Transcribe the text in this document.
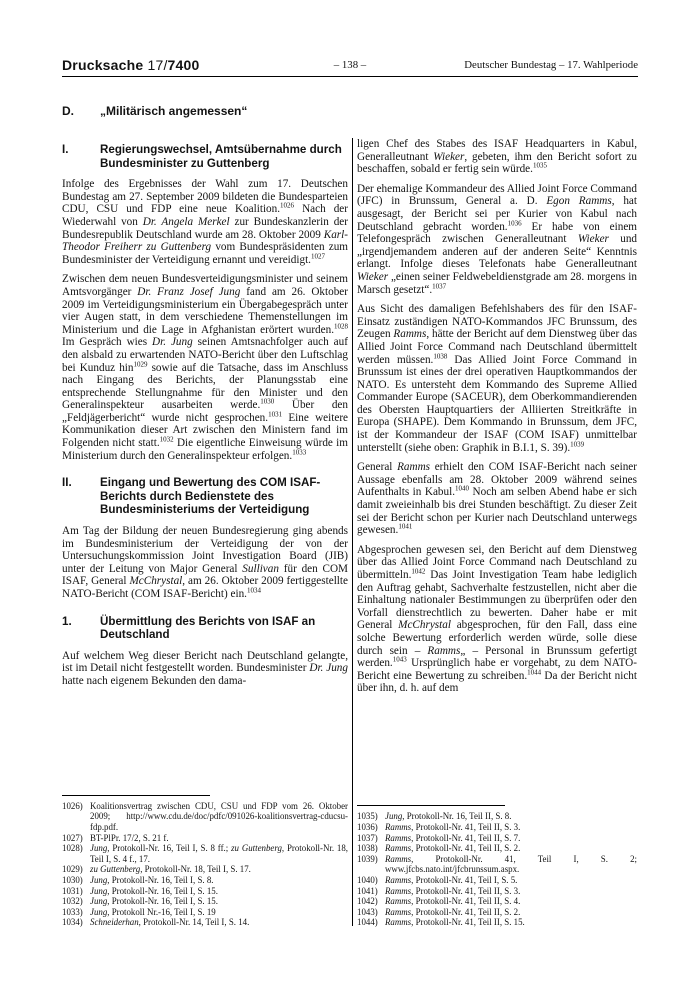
Drucksache 17/7400	– 138 –	Deutscher Bundestag – 17. Wahlperiode
D.	„Militärisch angemessen“
I.	Regierungswechsel, Amtsübernahme durch Bundesminister zu Guttenberg
Infolge des Ergebnisses der Wahl zum 17. Deutschen Bundestag am 27. September 2009 bildeten die Bundesparteien CDU, CSU und FDP eine neue Koalition.$^{1026}$ Nach der Wiederwahl von Dr. Angela Merkel zur Bundeskanzlerin der Bundesrepublik Deutschland wurde am 28. Oktober 2009 Karl-Theodor Freiherr zu Guttenberg vom Bundespräsidenten zum Bundesminister der Verteidigung ernannt und vereidigt.$^{1027}$
Zwischen dem neuen Bundesverteidigungsminister und seinem Amtsvorgänger Dr. Franz Josef Jung fand am 26. Oktober 2009 im Verteidigungsministerium ein Übergabegespräch unter vier Augen statt, in dem verschiedene Themenstellungen im Ministerium und die Lage in Afghanistan erörtert wurden.$^{1028}$ Im Gespräch wies Dr. Jung seinen Amtsnachfolger auch auf den alsbald zu erwartenden NATO-Bericht über den Luftschlag bei Kunduz hin$^{1029}$ sowie auf die Tatsache, dass im Anschluss nach Eingang des Berichts, der Planungsstab eine entsprechende Stellungnahme für den Minister und den Generalinspekteur ausarbeiten werde.$^{1030}$ Über den „Feldjägerbericht“ wurde nicht gesprochen.$^{1031}$ Eine weitere Kommunikation dieser Art zwischen den Ministern fand im Folgenden nicht statt.$^{1032}$ Die eigentliche Einweisung würde im Ministerium durch den Generalinspekteur erfolgen.$^{1033}$
II.	Eingang und Bewertung des COM ISAF-Berichts durch Bedienstete des Bundesministeriums der Verteidigung
Am Tag der Bildung der neuen Bundesregierung ging abends im Bundesministerium der Verteidigung der von der Untersuchungskommission Joint Investigation Board (JIB) unter der Leitung von Major General Sullivan für den COM ISAF, General McChrystal, am 26. Oktober 2009 fertiggestellte NATO-Bericht (COM ISAF-Bericht) ein.$^{1034}$
1.	Übermittlung des Berichts von ISAF an Deutschland
Auf welchem Weg dieser Bericht nach Deutschland gelangte, ist im Detail nicht festgestellt worden. Bundesminister Dr. Jung hatte nach eigenem Bekunden den dama-
1026) Koalitionsvertrag zwischen CDU, CSU und FDP vom 26. Oktober 2009; http://www.cdu.de/doc/pdfc/091026-koalitionsvertrag-cducsu-fdp.pdf.
1027) BT-PlPr. 17/2, S. 21 f.
1028) Jung, Protokoll-Nr. 16, Teil I, S. 8 ff.; zu Guttenberg, Protokoll-Nr. 18, Teil I, S. 4 f., 17.
1029) zu Guttenberg, Protokoll-Nr. 18, Teil I, S. 17.
1030) Jung, Protokoll-Nr. 16, Teil I, S. 8.
1031) Jung, Protokoll-Nr. 16, Teil I, S. 15.
1032) Jung, Protokoll-Nr. 16, Teil I, S. 15.
1033) Jung, Protokoll Nr.-16, Teil I, S. 19
1034) Schneiderhan, Protokoll-Nr. 14, Teil I, S. 14.
ligen Chef des Stabes des ISAF Headquarters in Kabul, Generalleutnant Wieker, gebeten, ihm den Bericht sofort zu beschaffen, sobald er fertig sein würde.$^{1035}$
Der ehemalige Kommandeur des Allied Joint Force Command (JFC) in Brunssum, General a. D. Egon Ramms, hat ausgesagt, der Bericht sei per Kurier von Kabul nach Deutschland gebracht worden.$^{1036}$ Er habe von einem Telefongespräch zwischen Generalleutnant Wieker und „irgendjemandem anderen auf der anderen Seite“ Kenntnis erlangt. Infolge dieses Telefonats habe Generalleutnant Wieker „einen seiner Feldwebeldienstgrade am 28. morgens in Marsch gesetzt“.$^{1037}$
Aus Sicht des damaligen Befehlshabers des für den ISAF-Einsatz zuständigen NATO-Kommandos JFC Brunssum, des Zeugen Ramms, hätte der Bericht auf dem Dienstweg über das Allied Joint Force Command nach Deutschland übermittelt werden müssen.$^{1038}$ Das Allied Joint Force Command in Brunssum ist eines der drei operativen Hauptkommandos der NATO. Es untersteht dem Kommando des Supreme Allied Commander Europe (SACEUR), dem Oberkommandierenden des Obersten Hauptquartiers der Alliierten Streitkräfte in Europa (SHAPE). Dem Kommando in Brunssum, dem JFC, ist der Kommandeur der ISAF (COM ISAF) unmittelbar unterstellt (siehe oben: Graphik in B.I.1, S. 39).$^{1039}$
General Ramms erhielt den COM ISAF-Bericht nach seiner Aussage ebenfalls am 28. Oktober 2009 während seines Aufenthalts in Kabul.$^{1040}$ Noch am selben Abend habe er sich damit zweieinhalb bis drei Stunden beschäftigt. Zu dieser Zeit sei der Bericht schon per Kurier nach Deutschland unterwegs gewesen.$^{1041}$
Abgesprochen gewesen sei, den Bericht auf dem Dienstweg über das Allied Joint Force Command nach Deutschland zu übermitteln.$^{1042}$ Das Joint Investigation Team habe lediglich den Auftrag gehabt, Sachverhalte festzustellen, nicht aber die Einhaltung nationaler Bestimmungen zu überprüfen oder den Vorfall dienstrechtlich zu bewerten. Daher habe er mit General McChrystal abgesprochen, für den Fall, dass eine solche Bewertung erforderlich werden würde, solle diese durch sein – Ramms„ – Personal in Brunssum gefertigt werden.$^{1043}$ Ursprünglich habe er vorgehabt, zu dem NATO-Bericht eine Bewertung zu schreiben.$^{1044}$ Da der Bericht nicht über ihn, d. h. auf dem
1035) Jung, Protokoll-Nr. 16, Teil II, S. 8.
1036) Ramms, Protokoll-Nr. 41, Teil II, S. 3.
1037) Ramms, Protokoll-Nr. 41, Teil II, S. 7.
1038) Ramms, Protokoll-Nr. 41, Teil II, S. 2.
1039) Ramms, Protokoll-Nr. 41, Teil I, S. 2; www.jfcbs.nato.int/jfcbrunssum.aspx.
1040) Ramms, Protokoll-Nr. 41, Teil I, S. 5.
1041) Ramms, Protokoll-Nr. 41, Teil II, S. 3.
1042) Ramms, Protokoll-Nr. 41, Teil II, S. 4.
1043) Ramms, Protokoll-Nr. 41, Teil II, S. 2.
1044) Ramms, Protokoll-Nr. 41, Teil II, S. 15.
